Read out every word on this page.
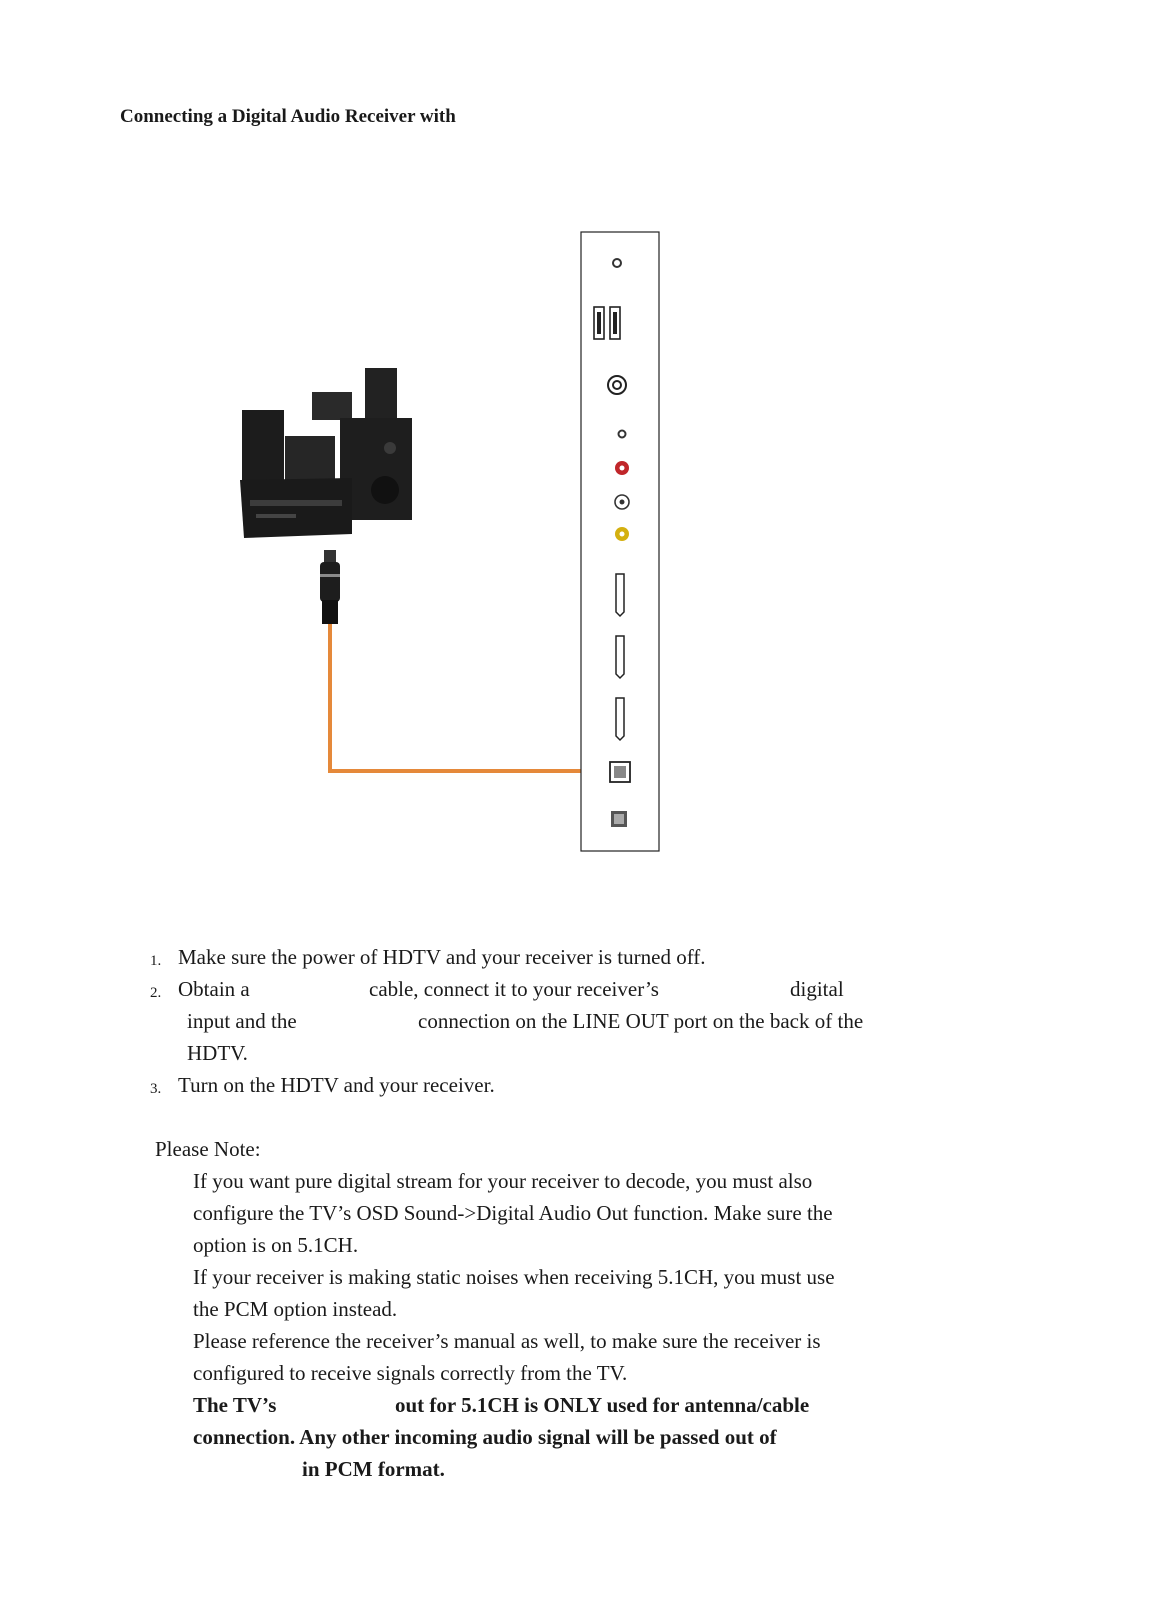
Connecting a Digital Audio Receiver with
1. Make sure the power of HDTV and your receiver is turned off.
2. Obtain a	cable, connect it to your receiver’s	digital
input and the	connection on the LINE OUT port on the back of the
HDTV.
3. Turn on the HDTV and your receiver.
Please Note:
If you want pure digital stream for your receiver to decode, you must also
configure the TV’s OSD Sound->Digital Audio Out function. Make sure the
option is on 5.1CH.
If your receiver is making static noises when receiving 5.1CH, you must use
the PCM option instead.
Please reference the receiver’s manual as well, to make sure the receiver is
configured to receive signals correctly from the TV.
The TV’s	out for 5.1CH is ONLY used for antenna/cable
connection. Any other incoming audio signal will be passed out of
in PCM format.
